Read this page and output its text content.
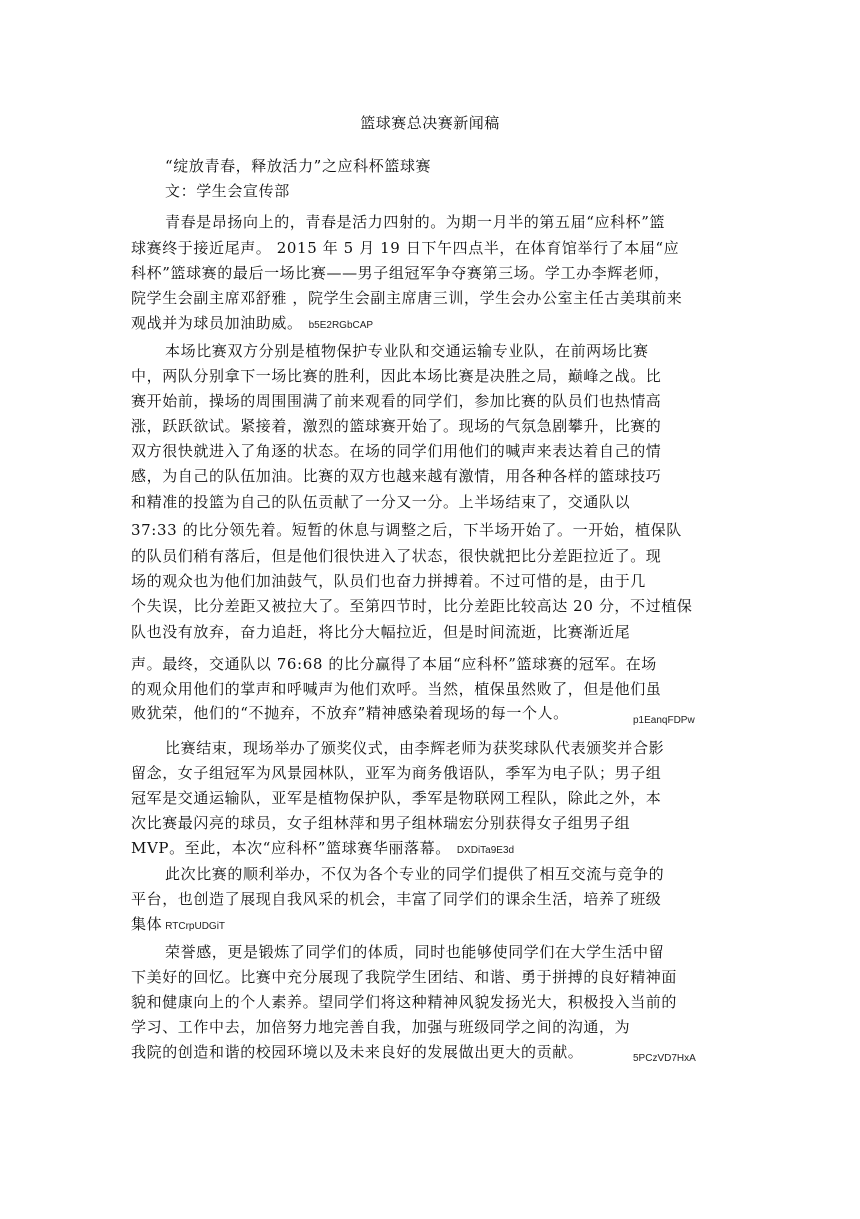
篮球赛总决赛新闻稿
“绽放青春，释放活力”之应科杯篮球赛
文：学生会宣传部
青春是昂扬向上的，青春是活力四射的。为期一月半的第五届“应科杯”篮
球赛终于接近尾声。 2015 年 5 月 19 日下午四点半，在体育馆举行了本届“应
科杯”篮球赛的最后一场比赛——男子组冠军争夺赛第三场。学工办李辉老师，
院学生会副主席邓舒雅 ，院学生会副主席唐三训，学生会办公室主任古美琪前来
观战并为球员加油助威。 b5E2RGbCAP
本场比赛双方分别是植物保护专业队和交通运输专业队，在前两场比赛
中，两队分别拿下一场比赛的胜利，因此本场比赛是决胜之局，巅峰之战。比
赛开始前，操场的周围围满了前来观看的同学们，参加比赛的队员们也热情高
涨，跃跃欲试。紧接着，激烈的篮球赛开始了。现场的气氛急剧攀升，比赛的
双方很快就进入了角逐的状态。在场的同学们用他们的喊声来表达着自己的情
感，为自己的队伍加油。比赛的双方也越来越有激情，用各种各样的篮球技巧
和精准的投篮为自己的队伍贡献了一分又一分。上半场结束了，交通队以
37:33 的比分领先着。短暂的休息与调整之后，下半场开始了。一开始，植保队
的队员们稍有落后，但是他们很快进入了状态，很快就把比分差距拉近了。现
场的观众也为他们加油鼓气，队员们也奋力拼搏着。不过可惜的是，由于几
个失误，比分差距又被拉大了。至第四节时，比分差距比较高达 20 分，不过植保
队也没有放弃，奋力追赶，将比分大幅拉近，但是时间流逝，比赛渐近尾
声。最终，交通队以 76:68 的比分赢得了本届“应科杯”篮球赛的冠军。在场
的观众用他们的掌声和呼喊声为他们欢呼。当然，植保虽然败了，但是他们虽
败犹荣，他们的“不抛弃，不放弃”精神感染着现场的每一个人。	p1EanqFDPw
比赛结束，现场举办了颁奖仪式，由李辉老师为获奖球队代表颁奖并合影
留念，女子组冠军为风景园林队，亚军为商务俄语队，季军为电子队；男子组
冠军是交通运输队，亚军是植物保护队，季军是物联网工程队，除此之外，本
次比赛最闪亮的球员，女子组林萍和男子组林瑞宏分别获得女子组男子组
MVP。至此，本次“应科杯”篮球赛华丽落幕。 DXDiTa9E3d
此次比赛的顺利举办，不仅为各个专业的同学们提供了相互交流与竞争的
平台，也创造了展现自我风采的机会，丰富了同学们的课余生活，培养了班级
集体 RTCrpUDGiT
荣誉感，更是锻炼了同学们的体质，同时也能够使同学们在大学生活中留
下美好的回忆。比赛中充分展现了我院学生团结、和谐、勇于拼搏的良好精神面
貌和健康向上的个人素养。望同学们将这种精神风貌发扬光大，积极投入当前的
学习、工作中去，加倍努力地完善自我，加强与班级同学之间的沟通，为
我院的创造和谐的校园环境以及未来良好的发展做出更大的贡献。	5PCzVD7HxA
